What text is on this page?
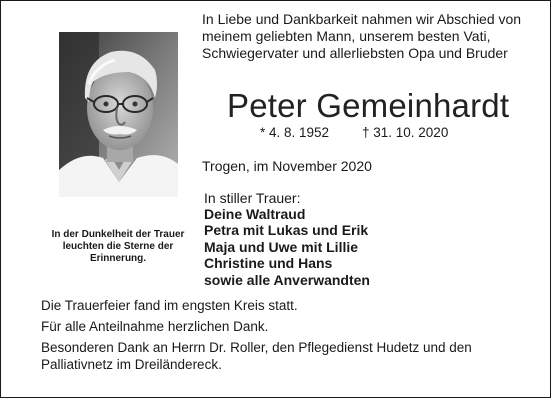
In Liebe und Dankbarkeit nahmen wir Abschied von
meinem geliebten Mann, unserem besten Vati,
Schwiegervater und allerliebsten Opa und Bruder
In der Dunkelheit der Trauer
leuchten die Sterne der
Erinnerung.
Peter Gemeinhardt
* 4. 8. 1952 † 31. 10. 2020
Trogen, im November 2020
In stiller Trauer:
Deine Waltraud
Petra mit Lukas und Erik
Maja und Uwe mit Lillie
Christine und Hans
sowie alle Anverwandten
Die Trauerfeier fand im engsten Kreis statt.
Für alle Anteilnahme herzlichen Dank.
Besonderen Dank an Herrn Dr. Roller, den Pflegedienst Hudetz und den
Palliativnetz im Dreiländereck.
